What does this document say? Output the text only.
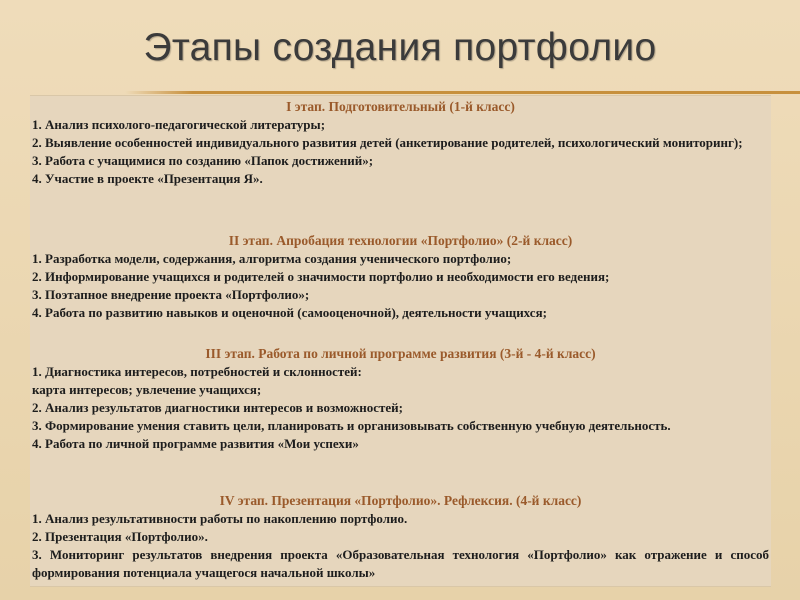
Этапы создания портфолио
I этап. Подготовительный (1-й класс)
1. Анализ психолого-педагогической литературы;
2. Выявление особенностей индивидуального развития детей (анкетирование родителей, психологический мониторинг);
3. Работа с учащимися по созданию «Папок достижений»;
4. Участие в проекте «Презентация Я».
II этап. Апробация технологии «Портфолио» (2-й класс)
1. Разработка модели, содержания, алгоритма создания ученического портфолио;
2. Информирование учащихся и родителей о значимости портфолио и необходимости его ведения;
3. Поэтапное внедрение проекта «Портфолио»;
4. Работа по развитию навыков и оценочной (самооценочной), деятельности учащихся;
III этап. Работа по личной программе развития (3-й - 4-й класс)
1. Диагностика интересов, потребностей и склонностей:
карта интересов; увлечение учащихся;
2. Анализ результатов диагностики интересов и возможностей;
3. Формирование умения ставить цели, планировать и организовывать собственную учебную деятельность.
4. Работа по личной программе развития «Мои успехи»
IV этап. Презентация «Портфолио». Рефлексия. (4-й класс)
1. Анализ результативности работы по накоплению портфолио.
2. Презентация «Портфолио».
3. Мониторинг результатов внедрения проекта «Образовательная технология «Портфолио» как отражение и способ формирования потенциала учащегося начальной школы»
